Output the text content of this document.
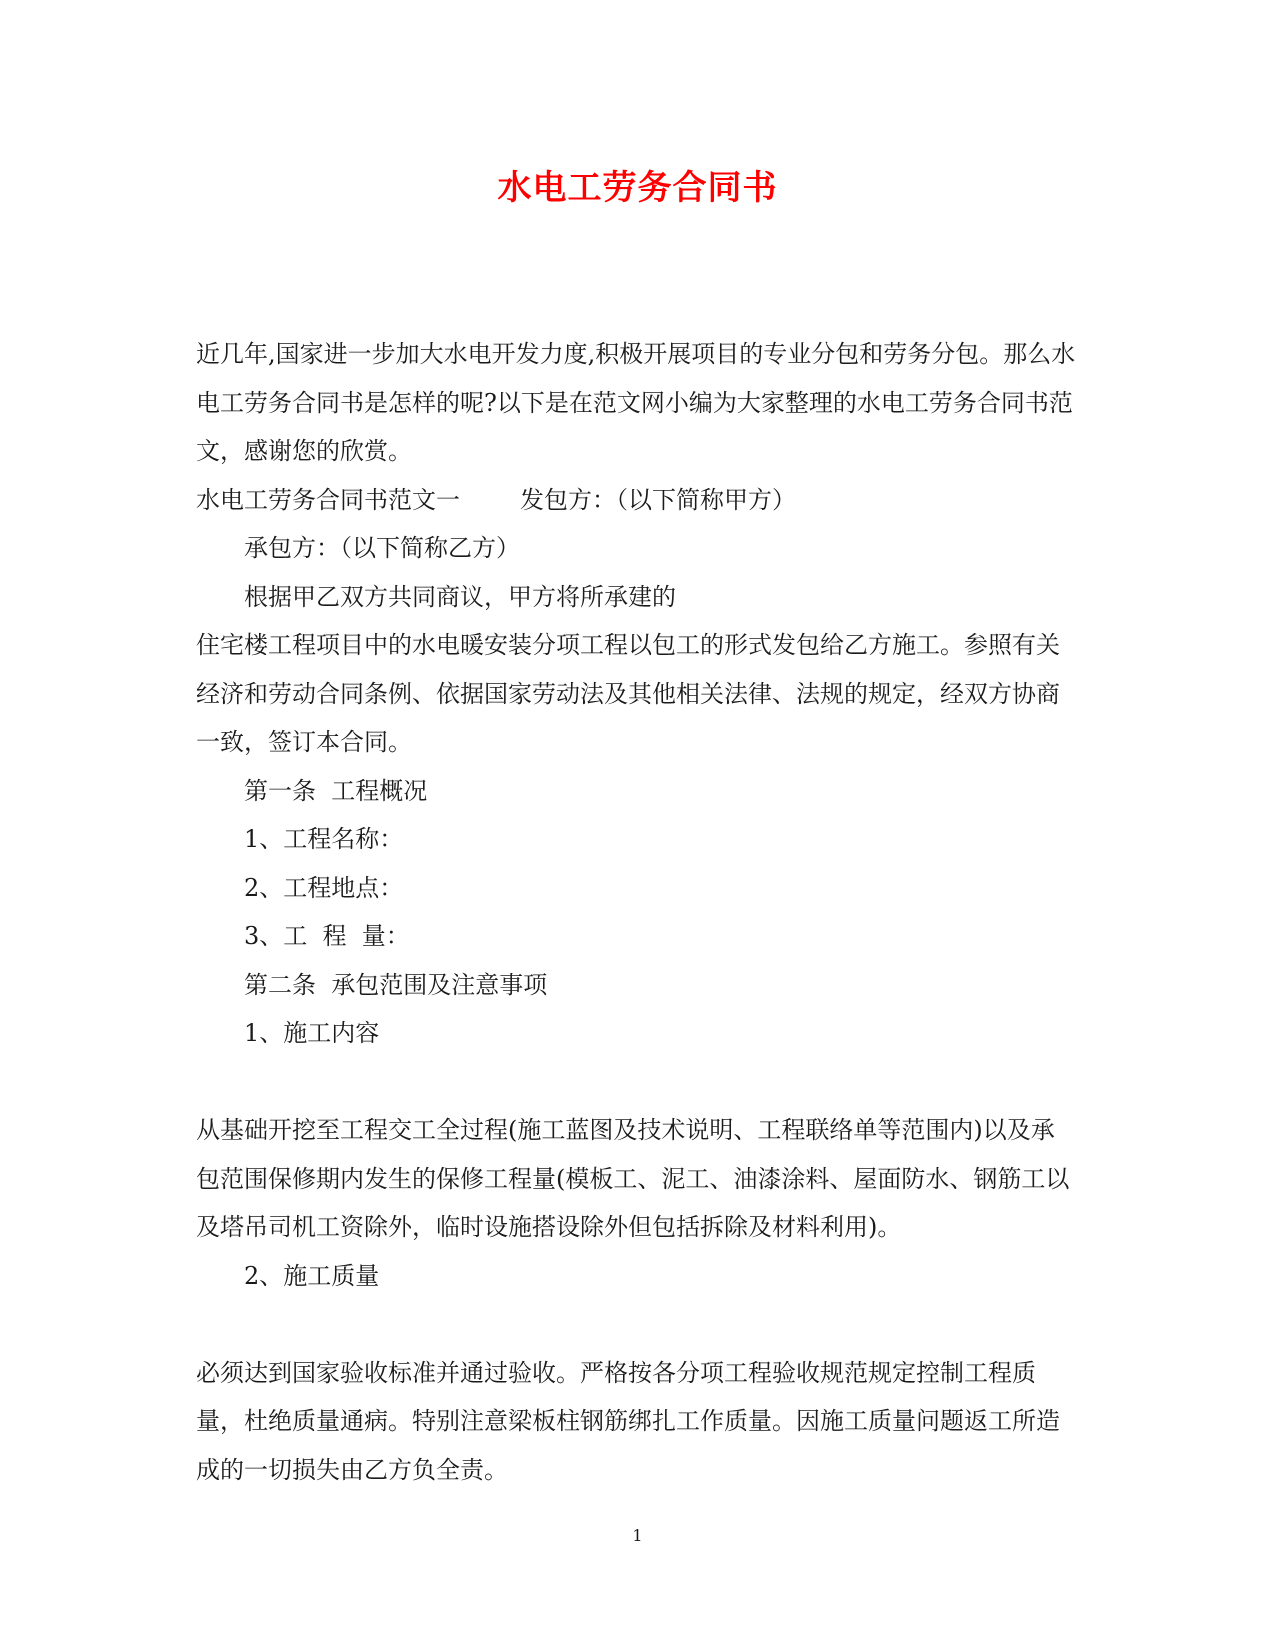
水电工劳务合同书

近几年,国家进一步加大水电开发力度,积极开展项目的专业分包和劳务分包。那么水电工劳务合同书是怎样的呢?以下是在范文网小编为大家整理的水电工劳务合同书范文，感谢您的欣赏。

水电工劳务合同书范文一	发包方：（以下简称甲方）

承包方：（以下简称乙方）

根据甲乙双方共同商议，甲方将所承建的

住宅楼工程项目中的水电暖安装分项工程以包工的形式发包给乙方施工。参照有关经济和劳动合同条例、依据国家劳动法及其他相关法律、法规的规定，经双方协商一致，签订本合同。

第一条  工程概况

1、工程名称：

2、工程地点：

3、工  程  量：

第二条  承包范围及注意事项

1、施工内容

从基础开挖至工程交工全过程(施工蓝图及技术说明、工程联络单等范围内)以及承包范围保修期内发生的保修工程量(模板工、泥工、油漆涂料、屋面防水、钢筋工以及塔吊司机工资除外，临时设施搭设除外但包括拆除及材料利用)。

2、施工质量

必须达到国家验收标准并通过验收。严格按各分项工程验收规范规定控制工程质量，杜绝质量通病。特别注意梁板柱钢筋绑扎工作质量。因施工质量问题返工所造成的一切损失由乙方负全责。

1
